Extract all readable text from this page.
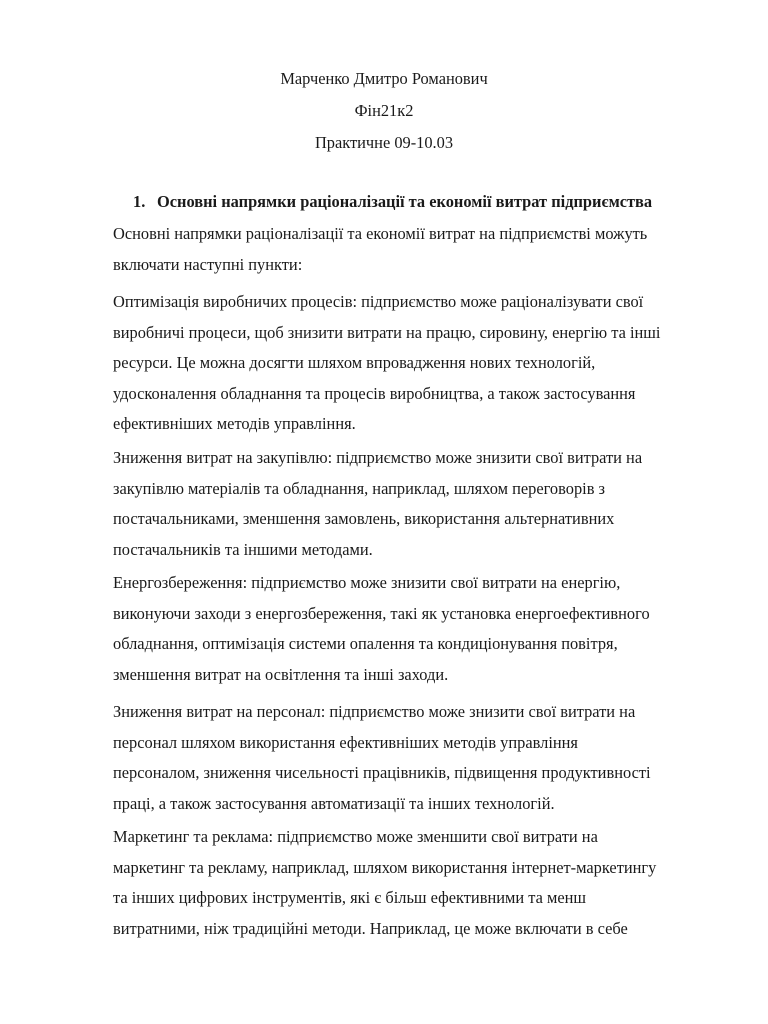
Марченко Дмитро Романович
Фін21к2
Практичне 09-10.03
1. Основні напрямки раціоналізації та економії витрат підприємства

Основні напрямки раціоналізації та економії витрат на підприємстві можуть
включати наступні пункти:

Оптимізація виробничих процесів: підприємство може раціоналізувати свої
виробничі процеси, щоб знизити витрати на працю, сировину, енергію та інші
ресурси. Це можна досягти шляхом впровадження нових технологій,
удосконалення обладнання та процесів виробництва, а також застосування
ефективніших методів управління.

Зниження витрат на закупівлю: підприємство може знизити свої витрати на
закупівлю матеріалів та обладнання, наприклад, шляхом переговорів з
постачальниками, зменшення замовлень, використання альтернативних
постачальників та іншими методами.

Енергозбереження: підприємство може знизити свої витрати на енергію,
виконуючи заходи з енергозбереження, такі як установка енергоефективного
обладнання, оптимізація системи опалення та кондиціонування повітря,
зменшення витрат на освітлення та інші заходи.

Зниження витрат на персонал: підприємство може знизити свої витрати на
персонал шляхом використання ефективніших методів управління
персоналом, зниження чисельності працівників, підвищення продуктивності
праці, а також застосування автоматизації та інших технологій.

Маркетинг та реклама: підприємство може зменшити свої витрати на
маркетинг та рекламу, наприклад, шляхом використання інтернет-маркетингу
та інших цифрових інструментів, які є більш ефективними та менш
витратними, ніж традиційні методи. Наприклад, це може включати в себе
